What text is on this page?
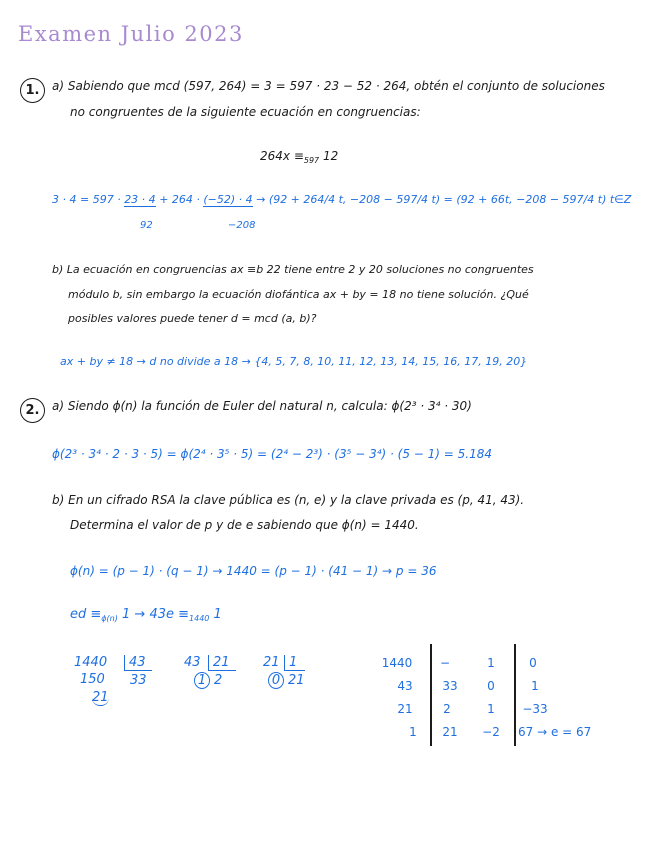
Examen Julio 2023
1.	a) Sabiendo que mcd (597, 264) = 3 = 597 · 23 − 52 · 264, obtén el conjunto de soluciones
no congruentes de la siguiente ecuación en congruencias:
$264x \equiv_{597}$ 12
3 · 4 = 597 · 23 · 4 + 264 · (−52) · 4 → (92 + 264/4 t, −208 − 597/4 t) = (92 + 66t, −208 − 597/4 t) t∈Z
92	−208
b) La ecuación en congruencias ax ≡b 22 tiene entre 2 y 20 soluciones no congruentes
módulo b, sin embargo la ecuación diofántica ax + by = 18 no tiene solución. ¿Qué
posibles valores puede tener d = mcd (a, b)?
ax + by ≠ 18 → d no divide a 18 → {4, 5, 7, 8, 10, 11, 12, 13, 14, 15, 16, 17, 19, 20}
2.	a) Siendo ϕ(n) la función de Euler del natural n, calcula: ϕ(2³ · 3⁴ · 30)
ϕ(2³ · 3⁴ · 2 · 3 · 5) = ϕ(2⁴ · 3⁵ · 5) = (2⁴ − 2³) · (3⁵ − 3⁴) · (5 − 1) = 5.184
b) En un cifrado RSA la clave pública es (n, e) y la clave privada es (p, 41, 43).
Determina el valor de p y de e sabiendo que ϕ(n) = 1440.
ϕ(n) = (p − 1) · (q − 1) → 1440 = (p − 1) · (41 − 1) → p = 36
ed $\equiv_{\phi(n)}$ $1 \to 43e \equiv_{1440}$ 1
1440	43
150 33
21
43 21
1 2
21 1
0 21
1440	−	1	0
43	33	0	1
21	2	1	−33
1	21	−2	67 → e = 67
